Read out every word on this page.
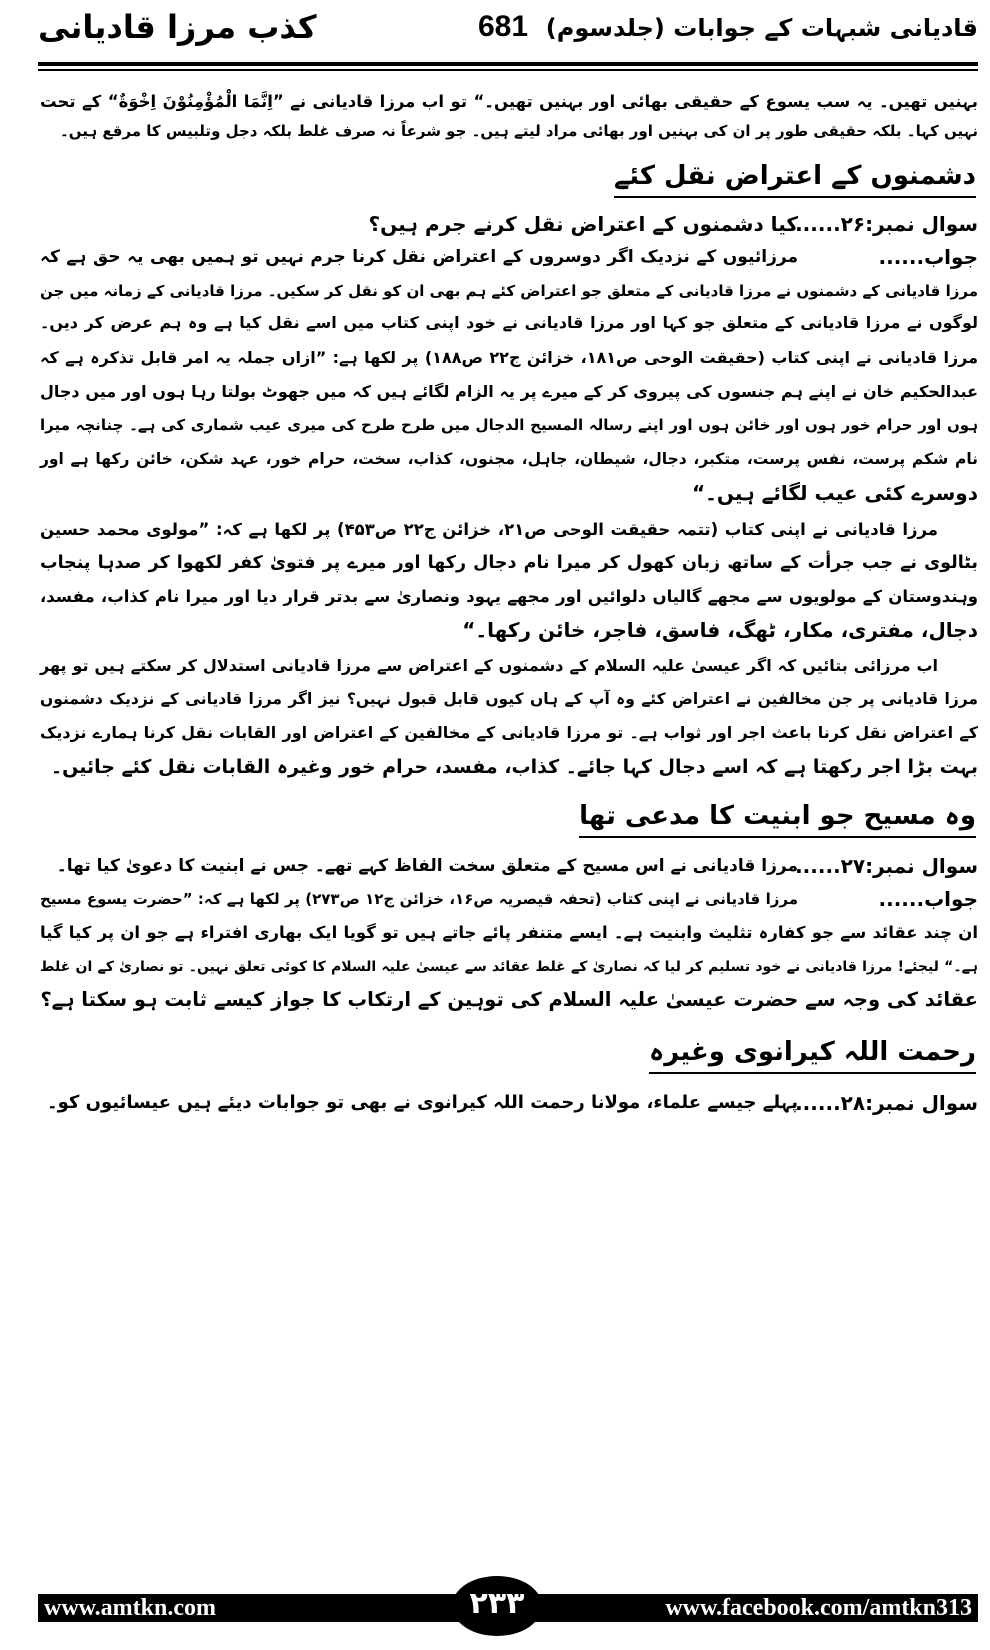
قادیانی شبہات کے جوابات (جلدسوم)
681
کذب مرزا قادیانی
بہنیں تھیں۔ یہ سب یسوع کے حقیقی بھائی اور بہنیں تھیں۔“ تو اب مرزا قادیانی نے ”اِنَّمَا الْمُؤْمِنُوْنَ اِخْوَةٌ“ کے تحت
نہیں کہا۔ بلکہ حقیقی طور پر ان کی بہنیں اور بھائی مراد لیتے ہیں۔ جو شرعاً نہ صرف غلط بلکہ دجل وتلبیس کا مرقع ہیں۔
دشمنوں کے اعتراض نقل کئے
سوال نمبر:۲۶......
کیا دشمنوں کے اعتراض نقل کرنے جرم ہیں؟
جواب......
مرزائیوں کے نزدیک اگر دوسروں کے اعتراض نقل کرنا جرم نہیں تو ہمیں بھی یہ حق ہے کہ
مرزا قادیانی کے دشمنوں نے مرزا قادیانی کے متعلق جو اعتراض کئے ہم بھی ان کو نقل کر سکیں۔ مرزا قادیانی کے زمانہ میں جن
لوگوں نے مرزا قادیانی کے متعلق جو کہا اور مرزا قادیانی نے خود اپنی کتاب میں اسے نقل کیا ہے وہ ہم عرض کر دیں۔
مرزا قادیانی نے اپنی کتاب (حقیقت الوحی ص۱۸۱، خزائن ج۲۲ ص۱۸۸) پر لکھا ہے: ”ازاں جملہ یہ امر قابل تذکرہ ہے کہ
عبدالحکیم خان نے اپنے ہم جنسوں کی پیروی کر کے میرے پر یہ الزام لگائے ہیں کہ میں جھوٹ بولتا رہا ہوں اور میں دجال
ہوں اور حرام خور ہوں اور خائن ہوں اور اپنے رسالہ المسیح الدجال میں طرح طرح کی میری عیب شماری کی ہے۔ چنانچہ میرا
نام شکم پرست، نفس پرست، متکبر، دجال، شیطان، جاہل، مجنوں، کذاب، سخت، حرام خور، عہد شکن، خائن رکھا ہے اور
دوسرے کئی عیب لگائے ہیں۔“
مرزا قادیانی نے اپنی کتاب (تتمہ حقیقت الوحی ص۲۱، خزائن ج۲۲ ص۴۵۳) پر لکھا ہے کہ: ”مولوی محمد حسین
بٹالوی نے جب جرأت کے ساتھ زبان کھول کر میرا نام دجال رکھا اور میرے پر فتویٰ کفر لکھوا کر صدہا پنجاب
وہندوستان کے مولویوں سے مجھے گالیاں دلوائیں اور مجھے یہود ونصاریٰ سے بدتر قرار دیا اور میرا نام کذاب، مفسد،
دجال، مفتری، مکار، ٹھگ، فاسق، فاجر، خائن رکھا۔“
اب مرزائی بتائیں کہ اگر عیسیٰ علیہ السلام کے دشمنوں کے اعتراض سے مرزا قادیانی استدلال کر سکتے ہیں تو پھر
مرزا قادیانی پر جن مخالفین نے اعتراض کئے وہ آپ کے ہاں کیوں قابل قبول نہیں؟ نیز اگر مرزا قادیانی کے نزدیک دشمنوں
کے اعتراض نقل کرنا باعث اجر اور ثواب ہے۔ تو مرزا قادیانی کے مخالفین کے اعتراض اور القابات نقل کرنا ہمارے نزدیک
بہت بڑا اجر رکھتا ہے کہ اسے دجال کہا جائے۔ کذاب، مفسد، حرام خور وغیرہ القابات نقل کئے جائیں۔
وہ مسیح جو ابنیت کا مدعی تھا
سوال نمبر:۲۷......
مرزا قادیانی نے اس مسیح کے متعلق سخت الفاظ کہے تھے۔ جس نے ابنیت کا دعویٰ کیا تھا۔
جواب......
مرزا قادیانی نے اپنی کتاب (تحفہ قیصریہ ص۱۶، خزائن ج۱۲ ص۲۷۳) پر لکھا ہے کہ: ”حضرت یسوع مسیح
ان چند عقائد سے جو کفارہ تثلیث وابنیت ہے۔ ایسے متنفر پائے جاتے ہیں تو گویا ایک بھاری افتراء ہے جو ان پر کیا گیا
ہے۔“ لیجئے! مرزا قادیانی نے خود تسلیم کر لیا کہ نصاریٰ کے غلط عقائد سے عیسیٰ علیہ السلام کا کوئی تعلق نہیں۔ تو نصاریٰ کے ان غلط
عقائد کی وجہ سے حضرت عیسیٰ علیہ السلام کی توہین کے ارتکاب کا جواز کیسے ثابت ہو سکتا ہے؟
رحمت اللہ کیرانوی وغیرہ
سوال نمبر:۲۸......
پہلے جیسے علماء، مولانا رحمت اللہ کیرانوی نے بھی تو جوابات دیئے ہیں عیسائیوں کو۔
www.amtkn.com	www.facebook.com/amtkn313
۲۳۳
